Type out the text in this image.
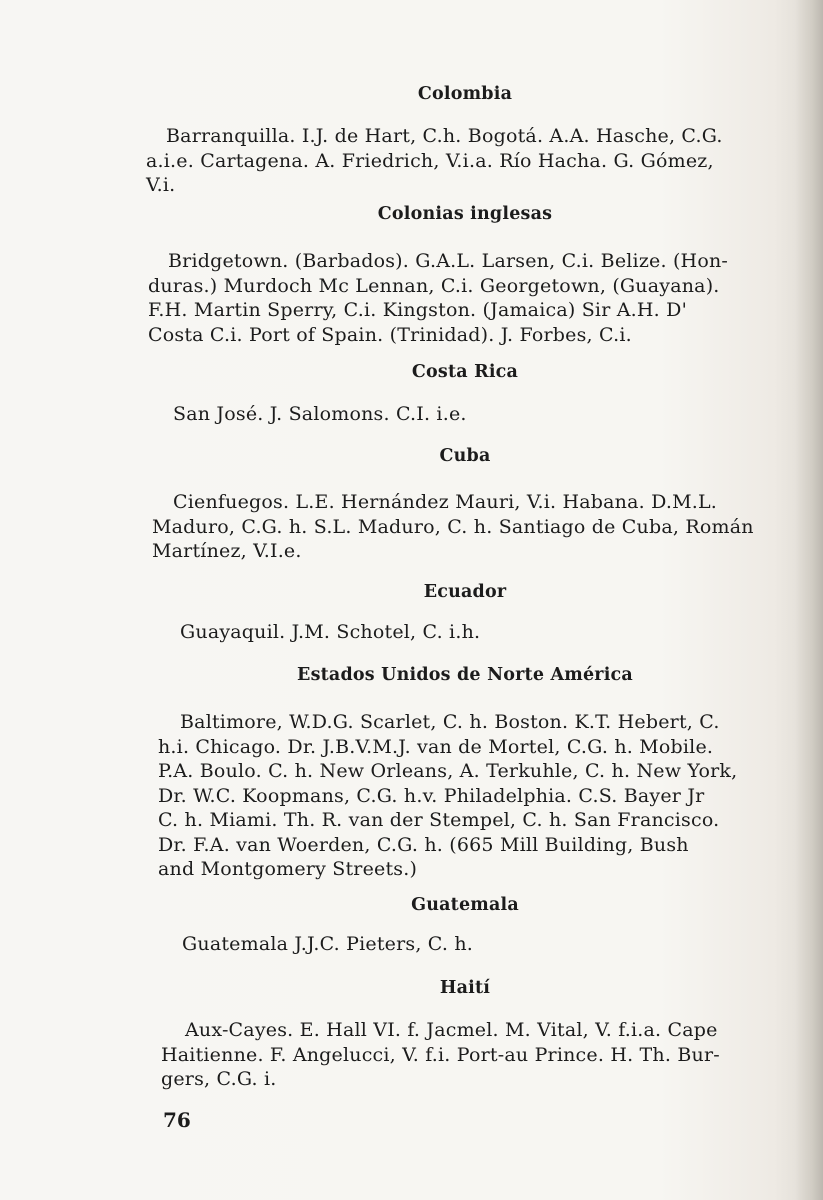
Colombia
Barranquilla. I.J. de Hart, C.h. Bogotá. A.A. Hasche, C.G.
a.i.e. Cartagena. A. Friedrich, V.i.a. Río Hacha. G. Gómez,
V.i.
Colonias inglesas
Bridgetown. (Barbados). G.A.L. Larsen, C.i. Belize. (Hon-
duras.) Murdoch Mc Lennan, C.i. Georgetown, (Guayana).
F.H. Martin Sperry, C.i. Kingston. (Jamaica) Sir A.H. D'
Costa C.i. Port of Spain. (Trinidad). J. Forbes, C.i.
Costa Rica
San José. J. Salomons. C.I. i.e.
Cuba
Cienfuegos. L.E. Hernández Mauri, V.i. Habana. D.M.L.
Maduro, C.G. h. S.L. Maduro, C. h. Santiago de Cuba, Román
Martínez, V.I.e.
Ecuador
Guayaquil. J.M. Schotel, C. i.h.
Estados Unidos de Norte América
Baltimore, W.D.G. Scarlet, C. h. Boston. K.T. Hebert, C.
h.i. Chicago. Dr. J.B.V.M.J. van de Mortel, C.G. h. Mobile.
P.A. Boulo. C. h. New Orleans, A. Terkuhle, C. h. New York,
Dr. W.C. Koopmans, C.G. h.v. Philadelphia. C.S. Bayer Jr
C. h. Miami. Th. R. van der Stempel, C. h. San Francisco.
Dr. F.A. van Woerden, C.G. h. (665 Mill Building, Bush
and Montgomery Streets.)
Guatemala
Guatemala J.J.C. Pieters, C. h.
Haití
Aux-Cayes. E. Hall VI. f. Jacmel. M. Vital, V. f.i.a. Cape
Haitienne. F. Angelucci, V. f.i. Port-au Prince. H. Th. Bur-
gers, C.G. i.
76
